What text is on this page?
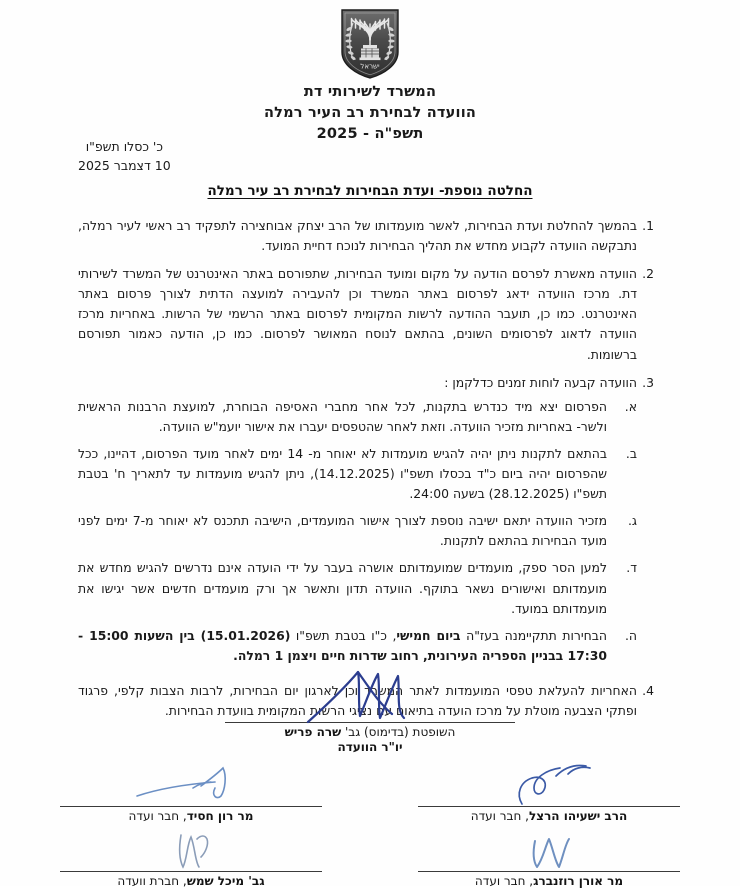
ישראל
המשרד לשירותי דת
הוועדה לבחירת רב העיר רמלה
תשפ"ה - 2025
כ' כסלו תשפ"ו
10 דצמבר 2025
החלטה נוספת- ועדת הבחירות לבחירת רב עיר רמלה
1.

בהמשך להחלטת ועדת הבחירות, לאשר מועמדותו של הרב יצחק אבוחצירה לתפקיד רב ראשי לעיר רמלה, נתבקשה הוועדה לקבוע מחדש את תהליך הבחירות לנוכח דחיית המועד.

2.

הוועדה מאשרת לפרסם הודעה על מקום ומועד הבחירות, שתפורסם באתר האינטרנט של המשרד לשירותי דת. מרכז הוועדה ידאג לפרסום באתר המשרד וכן להעבירה למועצה הדתית לצורך פרסום באתר האינטרנט. כמו כן, תועבר ההודעה לרשות המקומית לפרסום באתר הרשמי של הרשות. באחריות מרכז הוועדה לדאוג לפרסומים השונים, בהתאם לנוסח המאושר לפרסום. כמו כן, הודעה כאמור תפורסם ברשומות.

3.

הוועדה קבעה לוחות זמנים כדלקמן :

א.

הפרסום יצא מיד כנדרש בתקנות, לכל אחר מחברי האסיפה הבוחרת, למועצת הרבנות הראשית ולשר- באחריות מזכיר הוועדה. וזאת לאחר שהטפסים יעברו את אישור יועמ"ש הוועדה.

ב.

בהתאם לתקנות ניתן יהיה להגיש מועמדות לא יאוחר מ- 14 ימים לאחר מועד הפרסום, דהיינו, ככל שהפרסום יהיה ביום כ"ד בכסלו תשפ"ו (14.12.2025), ניתן להגיש מועמדות עד לתאריך ח' בטבת תשפ"ו (28.12.2025) בשעה 24:00.

ג.

מזכיר הוועדה יתאם ישיבה נוספת לצורך אישור המועמדים, הישיבה תתכנס לא יאוחר מ-7 ימים לפני מועד הבחירות בהתאם לתקנות.

ד.

למען הסר ספק, מועמדים שמועמדותם אושרה בעבר על ידי הועדה אינם נדרשים להגיש מחדש את מועמדותם ואישורים נשאר בתוקף. הוועדה תדון ותאשר אך ורק מועמדים חדשים אשר יגישו את מועמדותם במועד.

ה.

הבחירות תתקיימנה בעז"ה ביום חמישי, כ"ו בטבת תשפ"ו (15.01.2026) בין השעות 15:00 - 17:30 בבניין הספריה העירונית, רחוב שדרות חיים ויצמן 1 רמלה.

4.

האחריות להעלאת טפסי המועמדות לאתר המשרד וכן לארגון יום הבחירות, לרבות הצבות קלפי, פרגוד ופתקי הצבעה מוטלת על מרכז הועדה בתיאום עם נציגי הרשות המקומית בוועדת הבחירות.

השופטת (בדימוס) גב' שרה פריש
יו"ר הוועדה
הרב ישעיהו הרצל, חבר ועדה
מר רון חסיד, חבר ועדה
מר אורן רוזנברג, חבר ועדה
גב' מיכל שמש, חברת וועדה
